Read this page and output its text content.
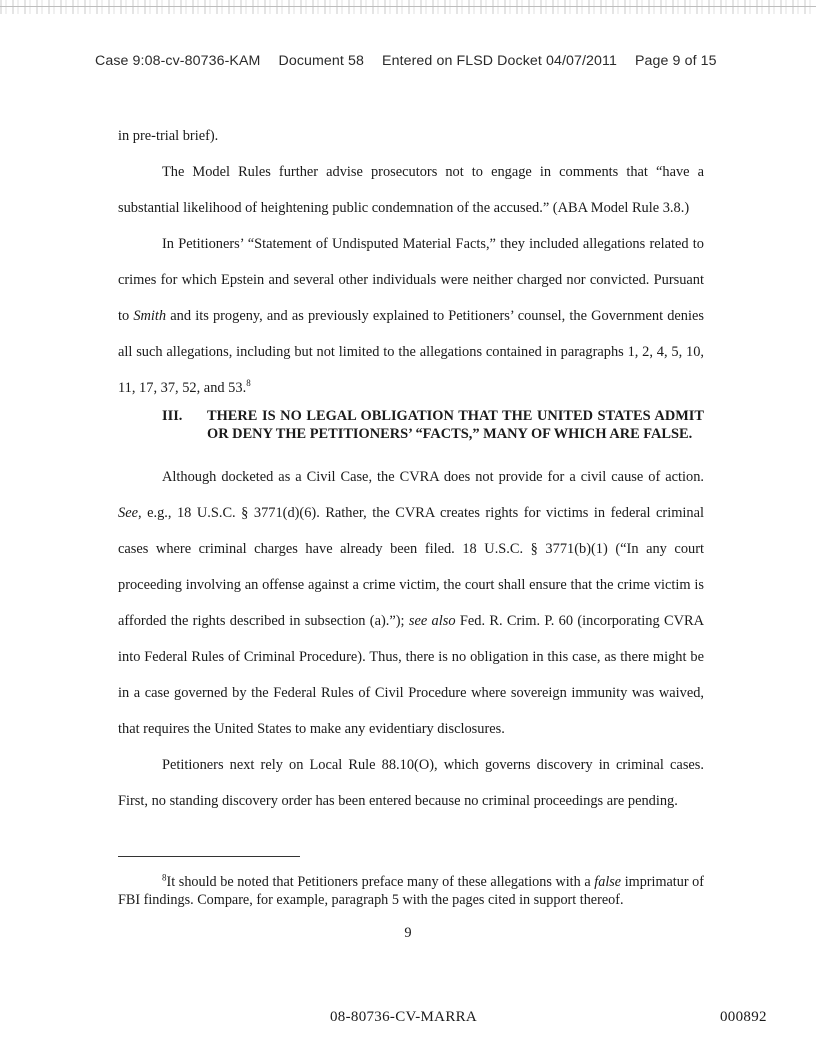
Case 9:08-cv-80736-KAM Document 58 Entered on FLSD Docket 04/07/2011 Page 9 of 15

in pre-trial brief).

The Model Rules further advise prosecutors not to engage in comments that “have a substantial likelihood of heightening public condemnation of the accused.” (ABA Model Rule 3.8.)

In Petitioners’ “Statement of Undisputed Material Facts,” they included allegations related to crimes for which Epstein and several other individuals were neither charged nor convicted. Pursuant to Smith and its progeny, and as previously explained to Petitioners’ counsel, the Government denies all such allegations, including but not limited to the allegations contained in paragraphs 1, 2, 4, 5, 10, 11, 17, 37, 52, and 53.$^8$

III.	THERE IS NO LEGAL OBLIGATION THAT THE UNITED STATES ADMIT OR DENY THE PETITIONERS’ “FACTS,” MANY OF WHICH ARE FALSE.

Although docketed as a Civil Case, the CVRA does not provide for a civil cause of action. See, e.g., 18 U.S.C. § 3771(d)(6). Rather, the CVRA creates rights for victims in federal criminal cases where criminal charges have already been filed. 18 U.S.C. § 3771(b)(1) (“In any court proceeding involving an offense against a crime victim, the court shall ensure that the crime victim is afforded the rights described in subsection (a).”); see also Fed. R. Crim. P. 60 (incorporating CVRA into Federal Rules of Criminal Procedure). Thus, there is no obligation in this case, as there might be in a case governed by the Federal Rules of Civil Procedure where sovereign immunity was waived, that requires the United States to make any evidentiary disclosures.

Petitioners next rely on Local Rule 88.10(O), which governs discovery in criminal cases. First, no standing discovery order has been entered because no criminal proceedings are pending.

$^8$It should be noted that Petitioners preface many of these allegations with a false imprimatur of FBI findings. Compare, for example, paragraph 5 with the pages cited in support thereof.

9
08-80736-CV-MARRA	000892
